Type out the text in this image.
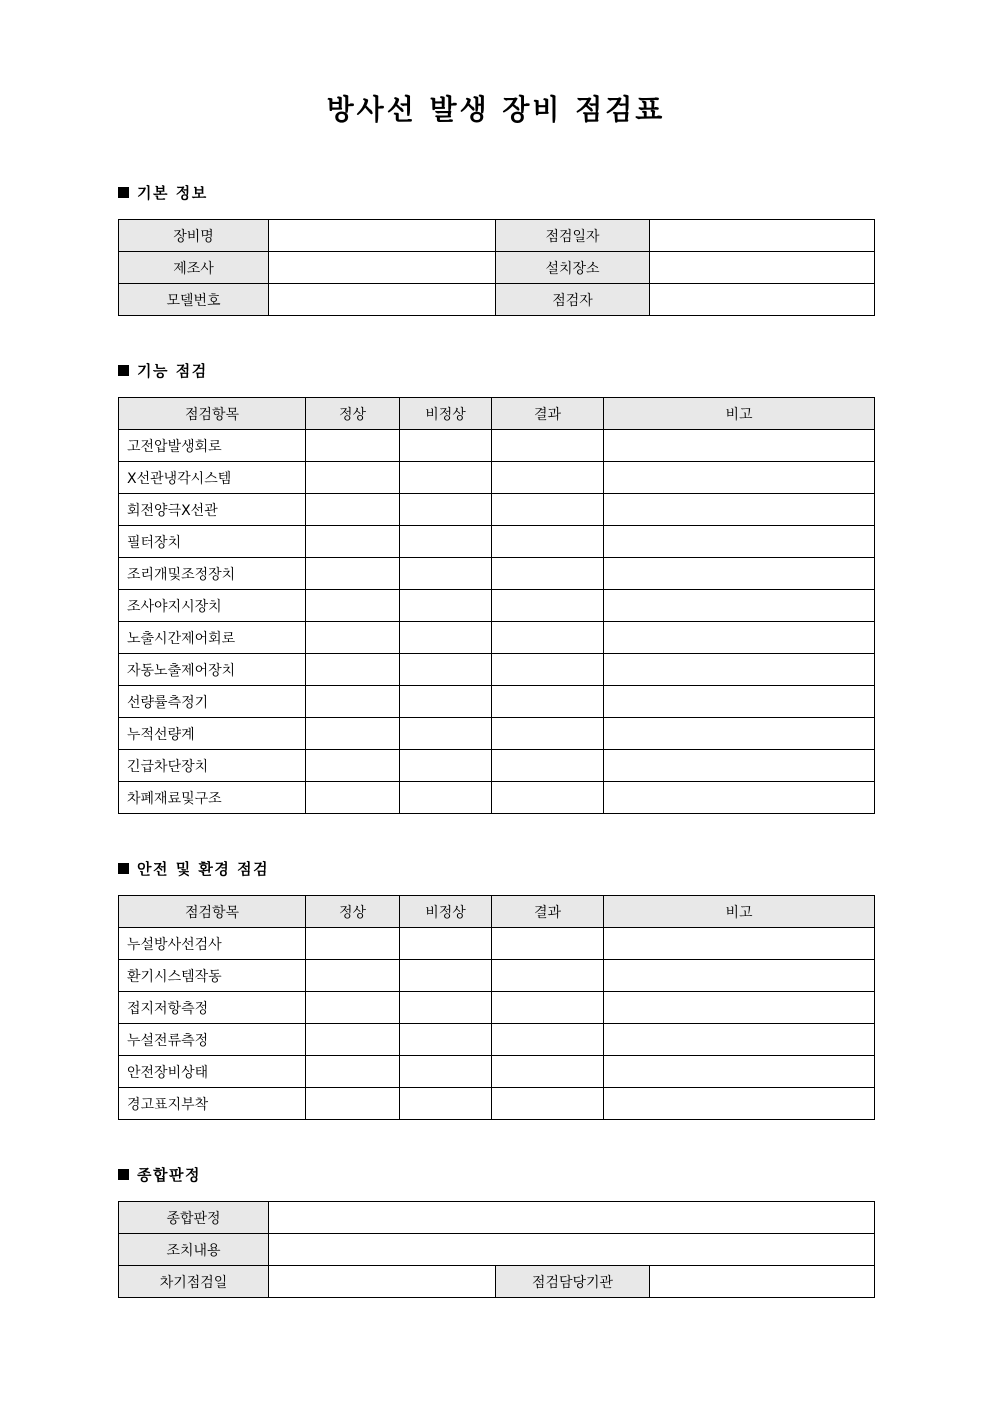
방사선 발생 장비 점검표
기본 정보
장비명		점검일자	
제조사		설치장소	
모델번호		점검자	
기능 점검
점검항목	정상	비정상	결과	비고
고전압발생회로				
X선관냉각시스템				
회전양극X선관				
필터장치				
조리개및조정장치				
조사야지시장치				
노출시간제어회로				
자동노출제어장치				
선량률측정기				
누적선량계				
긴급차단장치				
차폐재료및구조				
안전 및 환경 점검
점검항목	정상	비정상	결과	비고
누설방사선검사				
환기시스템작동				
접지저항측정				
누설전류측정				
안전장비상태				
경고표지부착				
종합판정
종합판정			
조치내용			
차기점검일		점검담당기관	
